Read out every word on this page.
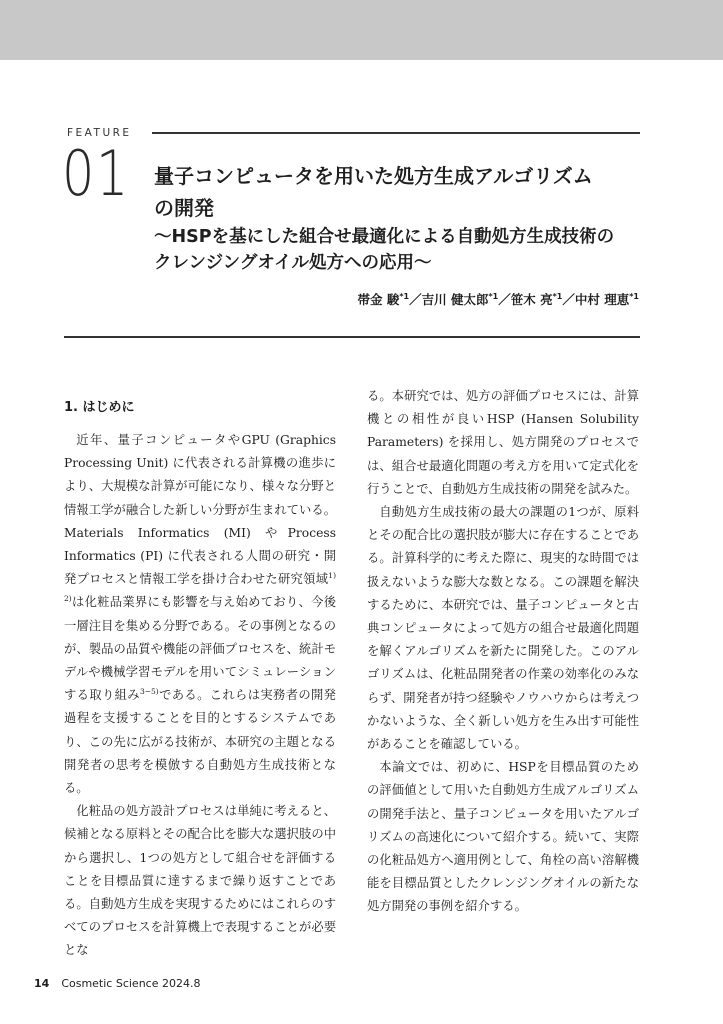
FEATURE
01 量子コンピュータを用いた処方生成アルゴリズム
の開発
〜HSPを基にした組合せ最適化による自動処方生成技術の
クレンジングオイル処方への応用〜
帯金 駿$^{*1}$／吉川 健太郎$^{*1}$／笹木 亮$^{*1}$／中村 理恵$^{*1}$
1. はじめに

近年、量子コンピュータやGPU (Graphics Processing Unit) に代表される計算機の進歩により、大規模な計算が可能になり、様々な分野と情報工学が融合した新しい分野が生まれている。Materials Informatics (MI) やProcess Informatics (PI) に代表される人間の研究・開発プロセスと情報工学を掛け合わせた研究領域$^{1) 2)}$は化粧品業界にも影響を与え始めており、今後一層注目を集める分野である。その事例となるのが、製品の品質や機能の評価プロセスを、統計モデルや機械学習モデルを用いてシミュレーションする取り組み$^{3-5)}$である。これらは実務者の開発過程を支援することを目的とするシステムであり、この先に広がる技術が、本研究の主題となる開発者の思考を模倣する自動処方生成技術となる。

化粧品の処方設計プロセスは単純に考えると、候補となる原料とその配合比を膨大な選択肢の中から選択し、1つの処方として組合せを評価することを目標品質に達するまで繰り返すことである。自動処方生成を実現するためにはこれらのすべてのプロセスを計算機上で表現することが必要とな

る。本研究では、処方の評価プロセスには、計算機との相性が良いHSP (Hansen Solubility Parameters) を採用し、処方開発のプロセスでは、組合せ最適化問題の考え方を用いて定式化を行うことで、自動処方生成技術の開発を試みた。

自動処方生成技術の最大の課題の1つが、原料とその配合比の選択肢が膨大に存在することである。計算科学的に考えた際に、現実的な時間では扱えないような膨大な数となる。この課題を解決するために、本研究では、量子コンピュータと古典コンピュータによって処方の組合せ最適化問題を解くアルゴリズムを新たに開発した。このアルゴリズムは、化粧品開発者の作業の効率化のみならず、開発者が持つ経験やノウハウからは考えつかないような、全く新しい処方を生み出す可能性があることを確認している。

本論文では、初めに、HSPを目標品質のための評価値として用いた自動処方生成アルゴリズムの開発手法と、量子コンピュータを用いたアルゴリズムの高速化について紹介する。続いて、実際の化粧品処方へ適用例として、角栓の高い溶解機能を目標品質としたクレンジングオイルの新たな処方開発の事例を紹介する。

14 Cosmetic Science 2024.8
